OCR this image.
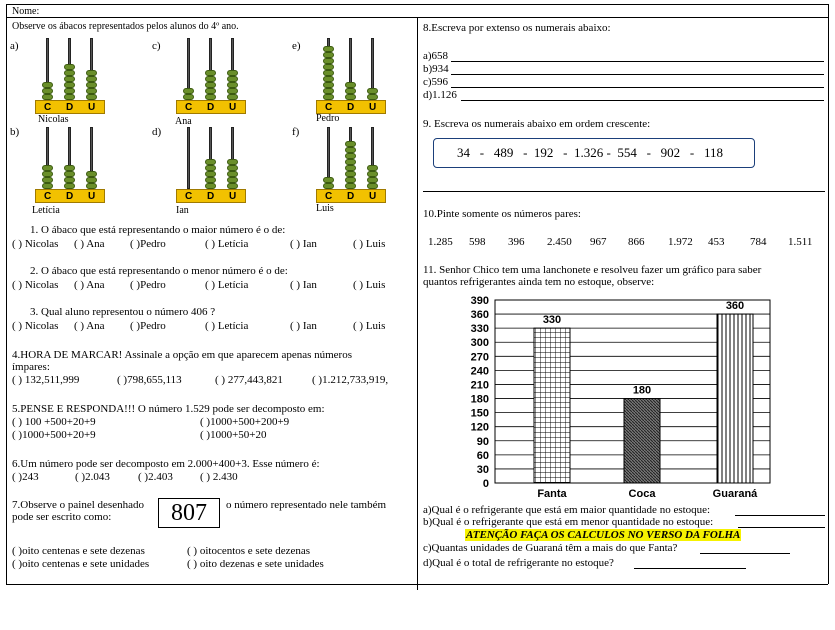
Nome:
Observe os ábacos representados pelos alunos do 4º ano.
a)
C D U
Nicolas
c)
C D U
Ana
e)
C D U
Pedro
b)
C D U
Letícia
d)
C D U
Ian
f)
C D U
Luis
1. O ábaco que está representando o maior número é o de:
( ) Nicolas ( ) Ana ( )Pedro	( ) Letícia	( ) Ian	( ) Luis
2. O ábaco que está representando o menor número é o de:
( ) Nicolas ( ) Ana ( )Pedro	( ) Letícia	( ) Ian	( ) Luis
3. Qual aluno representou o número 406 ?
( ) Nicolas ( ) Ana ( )Pedro	( ) Letícia	( ) Ian	( ) Luis
4.HORA DE MARCAR! Assinale a opção em que aparecem apenas números
ímpares:
( ) 132,511,999	( )798,655,113	( ) 277,443,821	( )1.212,733,919,
5.PENSE E RESPONDA!!! O número 1.529 pode ser decomposto em:
( ) 100 +500+20+9	( )1000+500+200+9
( )1000+500+20+9	( )1000+50+20
6.Um número pode ser decomposto em 2.000+400+3. Esse número é:
( )243	( )2.043	( )2.403 ( ) 2.430
7.Observe o painel desenhado	807	o número representado nele também
pode ser escrito como:
( )oito centenas e sete dezenas	( ) oitocentos e sete dezenas
( )oito centenas e sete unidades	( ) oito dezenas e sete unidades
8.Escreva por extenso os numerais abaixo:
a)658
b)934
c)596
d)1.126
9. Escreva os numerais abaixo em ordem crescente:
34   -   489   -  192   -  1.326 -  554   -   902   -   118
10.Pinte somente os números pares:
1.285 598 396 2.450 967 866 1.972 453 784 1.511
11. Senhor Chico tem uma lanchonete e resolveu fazer um gráfico para saber
quantos refrigerantes ainda tem no estoque, observe:
0
30
60
90
120
150
180
210
240
270
300
330
360
390
330
Fanta
180
Coca
360
Guaraná
a)Qual é o refrigerante que está em maior quantidade no estoque:
b)Qual é o refrigerante que está em menor quantidade no estoque:
ATENÇÃO FAÇA OS CALCULOS NO VERSO DA FOLHA
c)Quantas unidades de Guaraná têm a mais do que Fanta?
d)Qual é o total de refrigerante no estoque?
